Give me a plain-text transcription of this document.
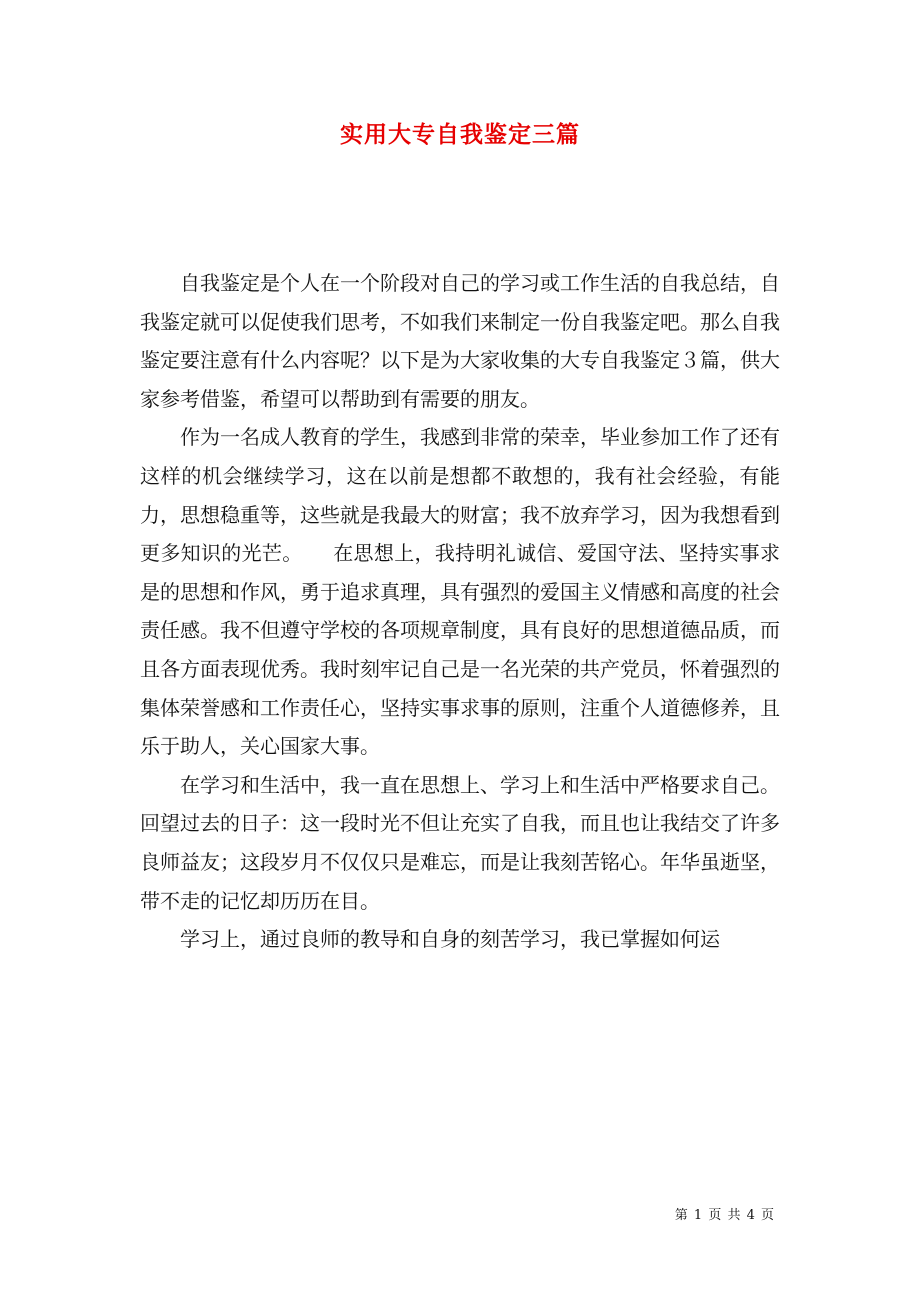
实用大专自我鉴定三篇

自我鉴定是个人在一个阶段对自己的学习或工作生活的自我总结，自我鉴定就可以促使我们思考，不如我们来制定一份自我鉴定吧。那么自我鉴定要注意有什么内容呢？以下是为大家收集的大专自我鉴定３篇，供大家参考借鉴，希望可以帮助到有需要的朋友。

作为一名成人教育的学生，我感到非常的荣幸，毕业参加工作了还有这样的机会继续学习，这在以前是想都不敢想的，我有社会经验，有能力，思想稳重等，这些就是我最大的财富；我不放弃学习，因为我想看到更多知识的光芒。　　在思想上，我持明礼诚信、爱国守法、坚持实事求是的思想和作风，勇于追求真理，具有强烈的爱国主义情感和高度的社会责任感。我不但遵守学校的各项规章制度，具有良好的思想道德品质，而且各方面表现优秀。我时刻牢记自己是一名光荣的共产党员，怀着强烈的集体荣誉感和工作责任心，坚持实事求事的原则，注重个人道德修养，且乐于助人，关心国家大事。

在学习和生活中，我一直在思想上、学习上和生活中严格要求自己。回望过去的日子：这一段时光不但让充实了自我，而且也让我结交了许多良师益友；这段岁月不仅仅只是难忘，而是让我刻苦铭心。年华虽逝坚，带不走的记忆却历历在目。

学习上，通过良师的教导和自身的刻苦学习，我已掌握如何运

第 1 页 共 4 页
